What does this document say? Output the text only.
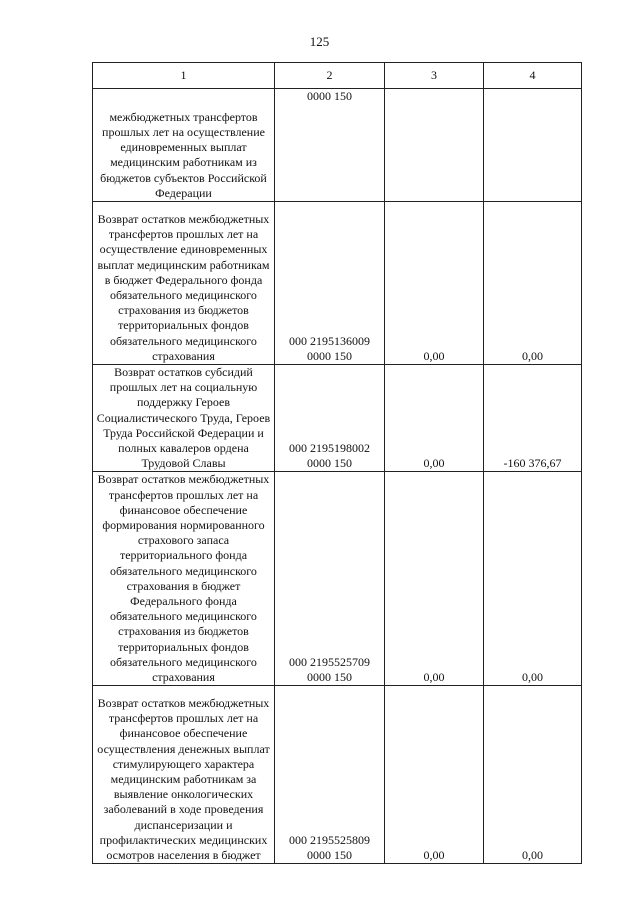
125
1	2	3	4
межбюджетных трансфертов прошлых лет на осуществление единовременных выплат медицинским работникам из бюджетов субъектов Российской Федерации	0000 150		

Возврат остатков межбюджетных трансфертов прошлых лет на осуществление единовременных выплат медицинским работникам в бюджет Федерального фонда обязательного медицинского страхования из бюджетов территориальных фондов обязательного медицинского страхования	000 2195136009
0000 150	0,00	0,00
Возврат остатков субсидий прошлых лет на социальную поддержку Героев Социалистического Труда, Героев Труда Российской Федерации и полных кавалеров ордена Трудовой Славы	000 2195198002
0000 150	0,00	-160 376,67
Возврат остатков межбюджетных трансфертов прошлых лет на финансовое обеспечение формирования нормированного страхового запаса территориального фонда обязательного медицинского страхования в бюджет Федерального фонда обязательного медицинского страхования из бюджетов территориальных фондов обязательного медицинского страхования	000 2195525709
0000 150	0,00	0,00
Возврат остатков межбюджетных трансфертов прошлых лет на финансовое обеспечение осуществления денежных выплат стимулирующего характера медицинским работникам за выявление онкологических заболеваний в ходе проведения диспансеризации и профилактических медицинских осмотров населения в бюджет	000 2195525809
0000 150	0,00	0,00
